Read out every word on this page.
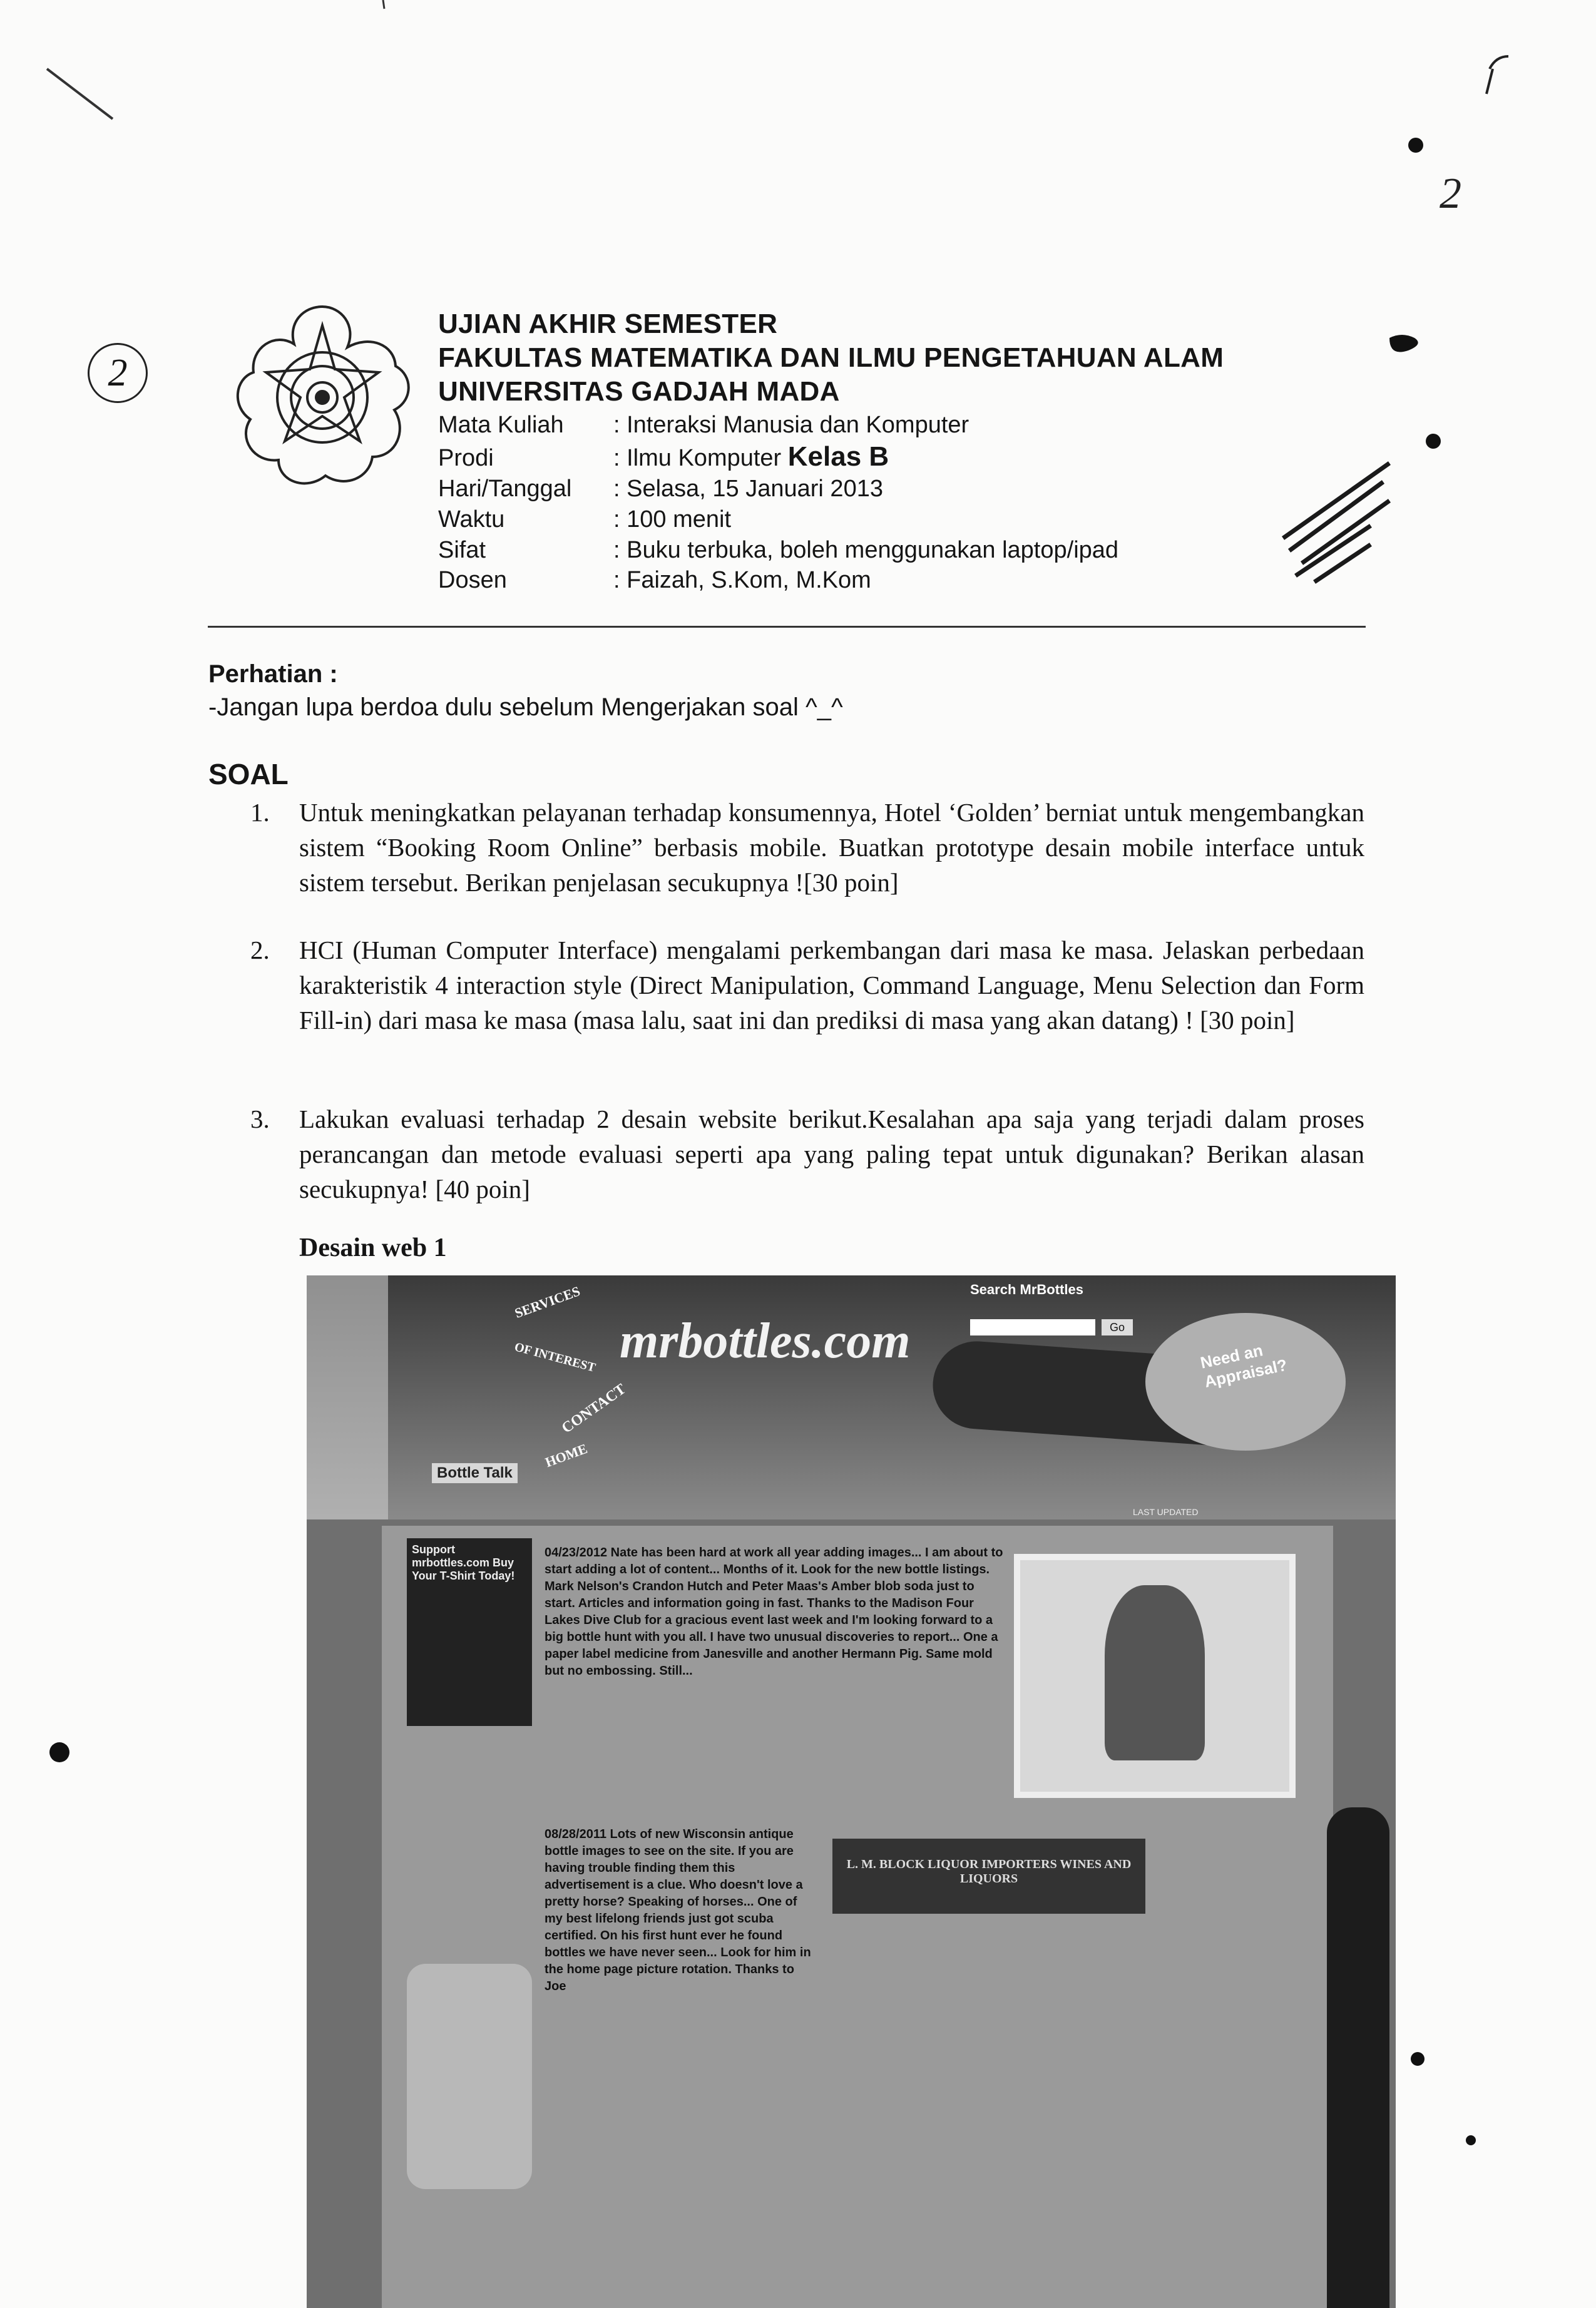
2
2
UJIAN AKHIR SEMESTER
FAKULTAS MATEMATIKA DAN ILMU PENGETAHUAN ALAM
UNIVERSITAS GADJAH MADA
Mata Kuliah : Interaksi Manusia dan Komputer
Prodi	: Ilmu Komputer Kelas B
Hari/Tanggal : Selasa, 15 Januari 2013
Waktu	: 100 menit
Sifat	: Buku terbuka, boleh menggunakan laptop/ipad
Dosen	: Faizah, S.Kom, M.Kom
Perhatian :
-Jangan lupa berdoa dulu sebelum Mengerjakan soal ^_^
SOAL
1. Untuk meningkatkan pelayanan terhadap konsumennya, Hotel ‘Golden’ berniat untuk mengembangkan sistem “Booking Room Online” berbasis mobile. Buatkan prototype desain mobile interface untuk sistem tersebut. Berikan penjelasan secukupnya ![30 poin]
2. HCI (Human Computer Interface) mengalami perkembangan dari masa ke masa. Jelaskan perbedaan karakteristik 4 interaction style (Direct Manipulation, Command Language, Menu Selection dan Form Fill-in) dari masa ke masa (masa lalu, saat ini dan prediksi di masa yang akan datang) ! [30 poin]
3. Lakukan evaluasi terhadap 2 desain website berikut.Kesalahan apa saja yang terjadi dalam proses perancangan dan metode evaluasi seperti apa yang paling tepat untuk digunakan? Berikan alasan secukupnya! [40 poin]
Desain web 1
mrbottles.com
SERVICES
OF INTEREST
CONTACT
HOME
Bottle Talk
Search MrBottles
Go
Need an Appraisal?
LAST UPDATED
Support mrbottles.com Buy Your T-Shirt Today!
04/23/2012 Nate has been hard at work all year adding images... I am about to start adding a lot of content... Months of it. Look for the new bottle listings. Mark Nelson's Crandon Hutch and Peter Maas's Amber blob soda just to start. Articles and information going in fast. Thanks to the Madison Four Lakes Dive Club for a gracious event last week and I'm looking forward to a big bottle hunt with you all. I have two unusual discoveries to report... One a paper label medicine from Janesville and another Hermann Pig. Same mold but no embossing. Still...
08/28/2011 Lots of new Wisconsin antique bottle images to see on the site. If you are having trouble finding them this advertisement is a clue. Who doesn't love a pretty horse? Speaking of horses... One of my best lifelong friends just got scuba certified. On his first hunt ever he found bottles we have never seen... Look for him in the home page picture rotation. Thanks to Joe
L. M. BLOCK LIQUOR IMPORTERS WINES AND LIQUORS
